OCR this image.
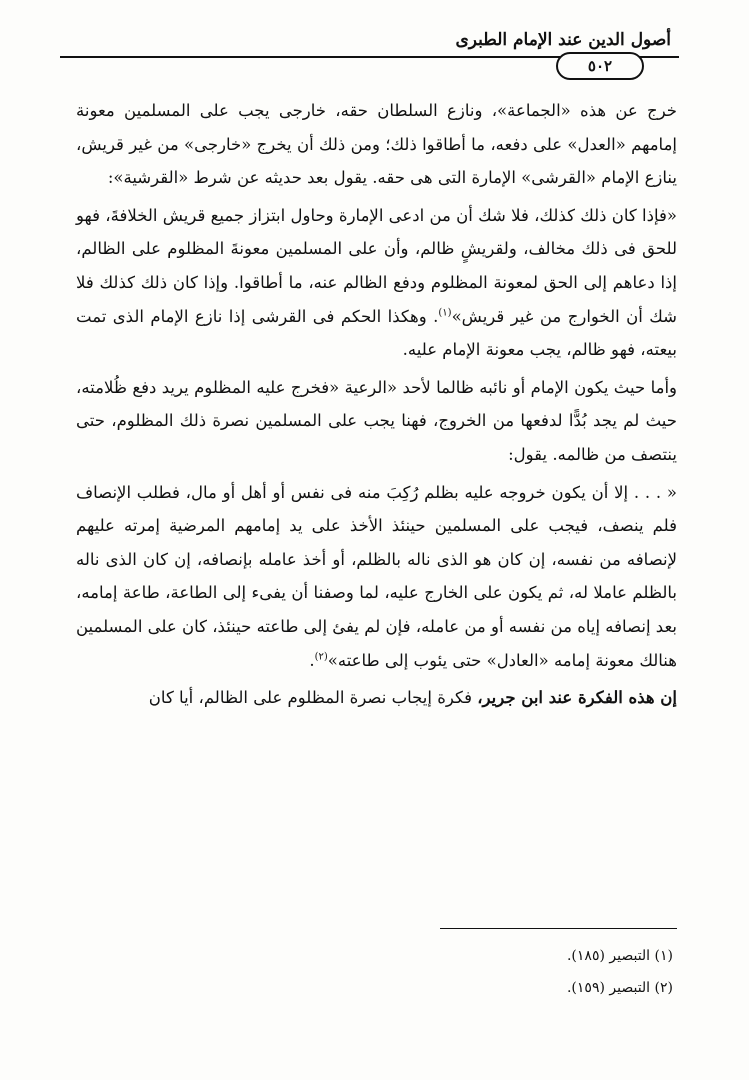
أصول الدين عند الإمام الطبرى
٥٠٢

خرج عن هذه «الجماعة»، ونازع السلطان حقه، خارجى يجب على المسلمين معونة إمامهم «العدل» على دفعه، ما أطاقوا ذلك؛ ومن ذلك أن يخرج «خارجى» من غير قريش، ينازع الإمام «القرشى» الإمارة التى هى حقه. يقول بعد حديثه عن شرط «القرشية»:

«فإذا كان ذلك كذلك، فلا شك أن من ادعى الإمارة وحاول ابتزاز جميع قريش الخلافةَ، فهو للحق فى ذلك مخالف، ولقريشٍ ظالم، وأن على المسلمين معونةَ المظلوم على الظالم، إذا دعاهم إلى الحق لمعونة المظلوم ودفع الظالم عنه، ما أطاقوا. وإذا كان ذلك كذلك فلا شك أن الخوارج من غير قريش»$^{(١)}$. وهكذا الحكم فى القرشى إذا نازع الإمام الذى تمت بيعته، فهو ظالم، يجب معونة الإمام عليه.

وأما حيث يكون الإمام أو نائبه ظالما لأحد «الرعية «فخرج عليه المظلوم يريد دفع ظُلامته، حيث لم يجد بُدًّا لدفعها من الخروج، فهنا يجب على المسلمين نصرة ذلك المظلوم، حتى ينتصف من ظالمه. يقول:

« . . . إلا أن يكون خروجه عليه بظلم رُكِبَ منه فى نفس أو أهل أو مال، فطلب الإنصاف فلم ينصف، فيجب على المسلمين حينئذ الأخذ على يد إمامهم المرضية إمرته عليهم لإنصافه من نفسه، إن كان هو الذى ناله بالظلم، أو أخذ عامله بإنصافه، إن كان الذى ناله بالظلم عاملا له، ثم يكون على الخارج عليه، لما وصفنا أن يفىء إلى الطاعة، طاعة إمامه، بعد إنصافه إياه من نفسه أو من عامله، فإن لم يفئ إلى طاعته حينئذ، كان على المسلمين هنالك معونة إمامه «العادل» حتى يئوب إلى طاعته»$^{(٢)}$.

إن هذه الفكرة عند ابن جرير، فكرة إيجاب نصرة المظلوم على الظالم، أيا كان

(١) التبصير (١٨٥).

(٢) التبصير (١٥٩).
